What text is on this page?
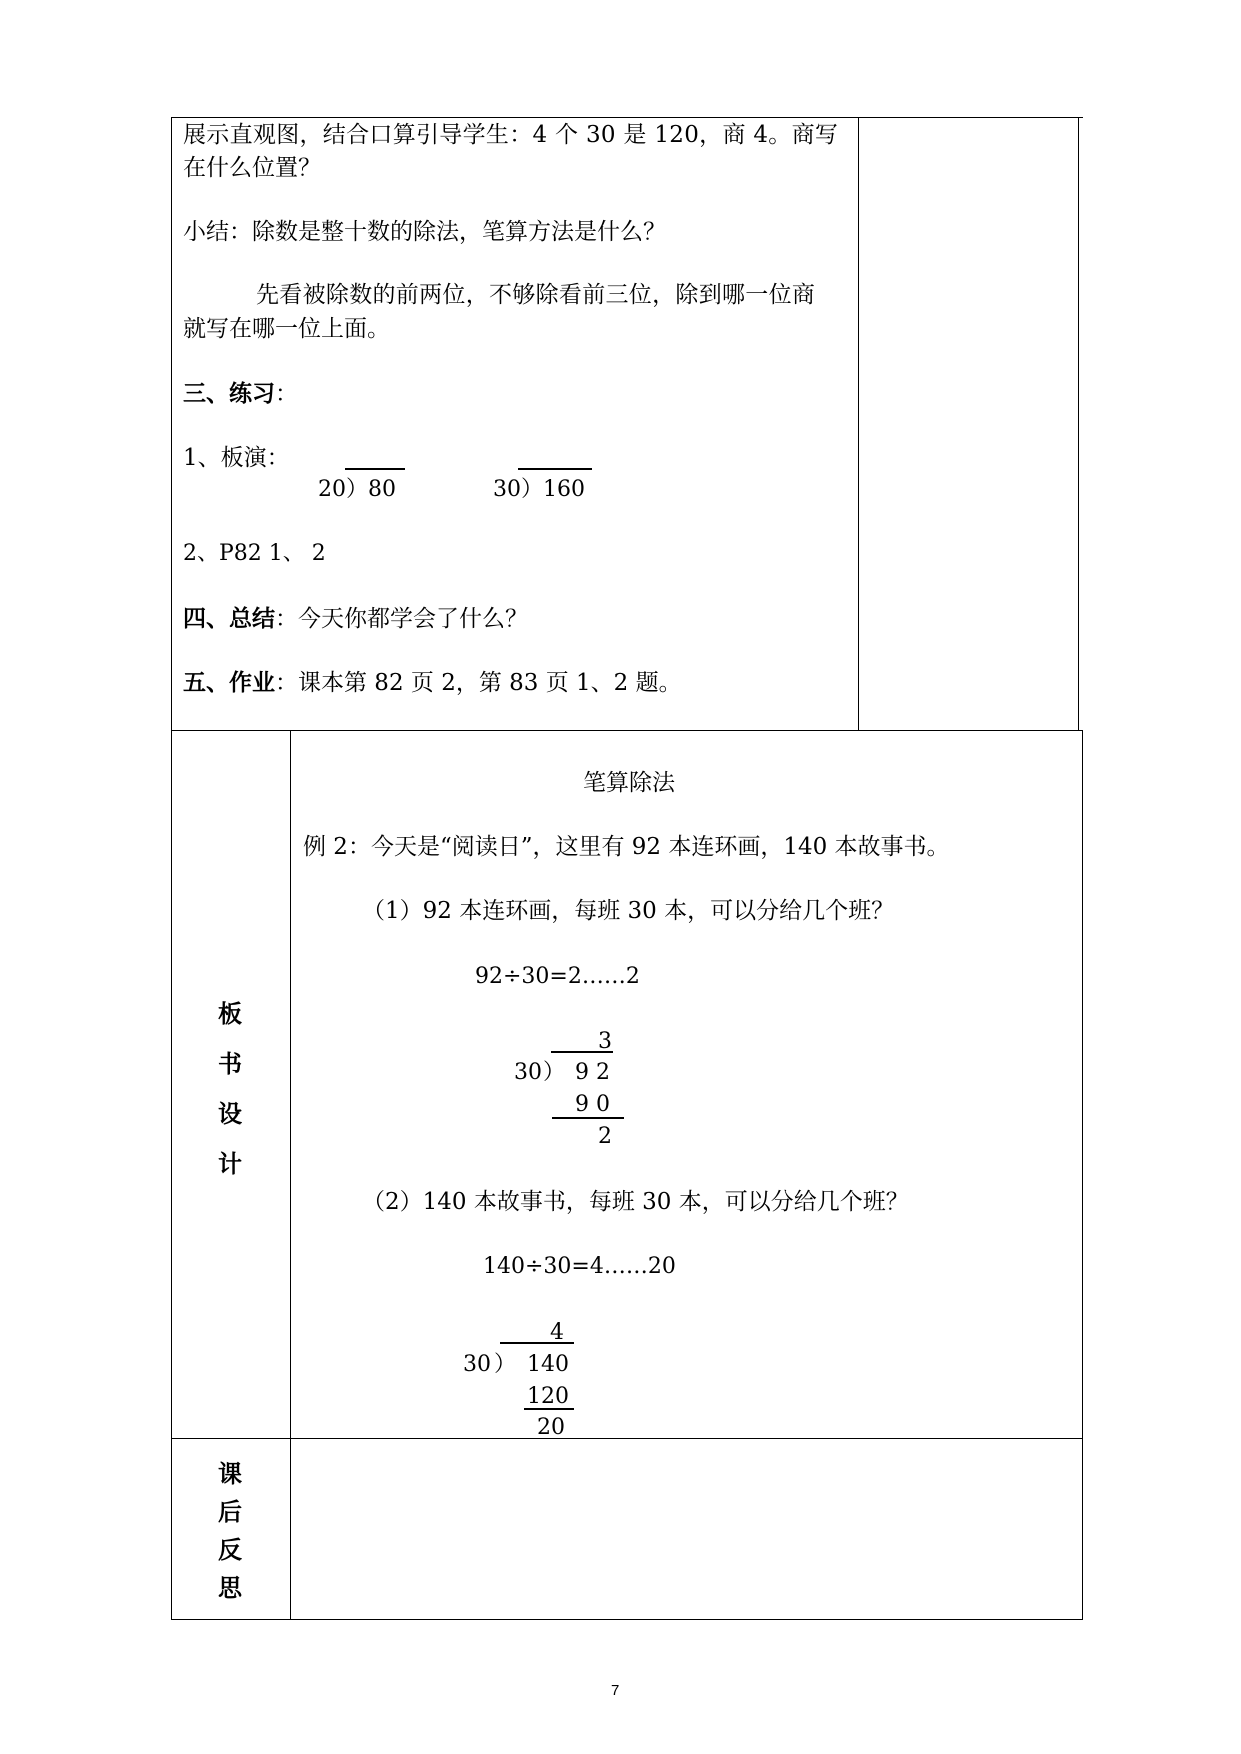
展示直观图，结合口算引导学生：4 个 30 是 120，商 4。商写
在什么位置？
小结：除数是整十数的除法，笔算方法是什么？
先看被除数的前两位，不够除看前三位，除到哪一位商
就写在哪一位上面。
三、练习：
1、板演：
20）80	30）160
2、P82 1、 2
四、总结：今天你都学会了什么？
五、作业：课本第 82 页 2，第 83 页 1、2 题。
板
书
设
计
笔算除法
例 2：今天是“阅读日”，这里有 92 本连环画，140 本故事书。
（1）92 本连环画，每班 30 本，可以分给几个班？
92÷30=2……2
3
30 ） 9 2
9 0
2
（2）140 本故事书，每班 30 本，可以分给几个班？
140÷30=4……20
4
30 ） 140
120
20
课
后
反
思
7
